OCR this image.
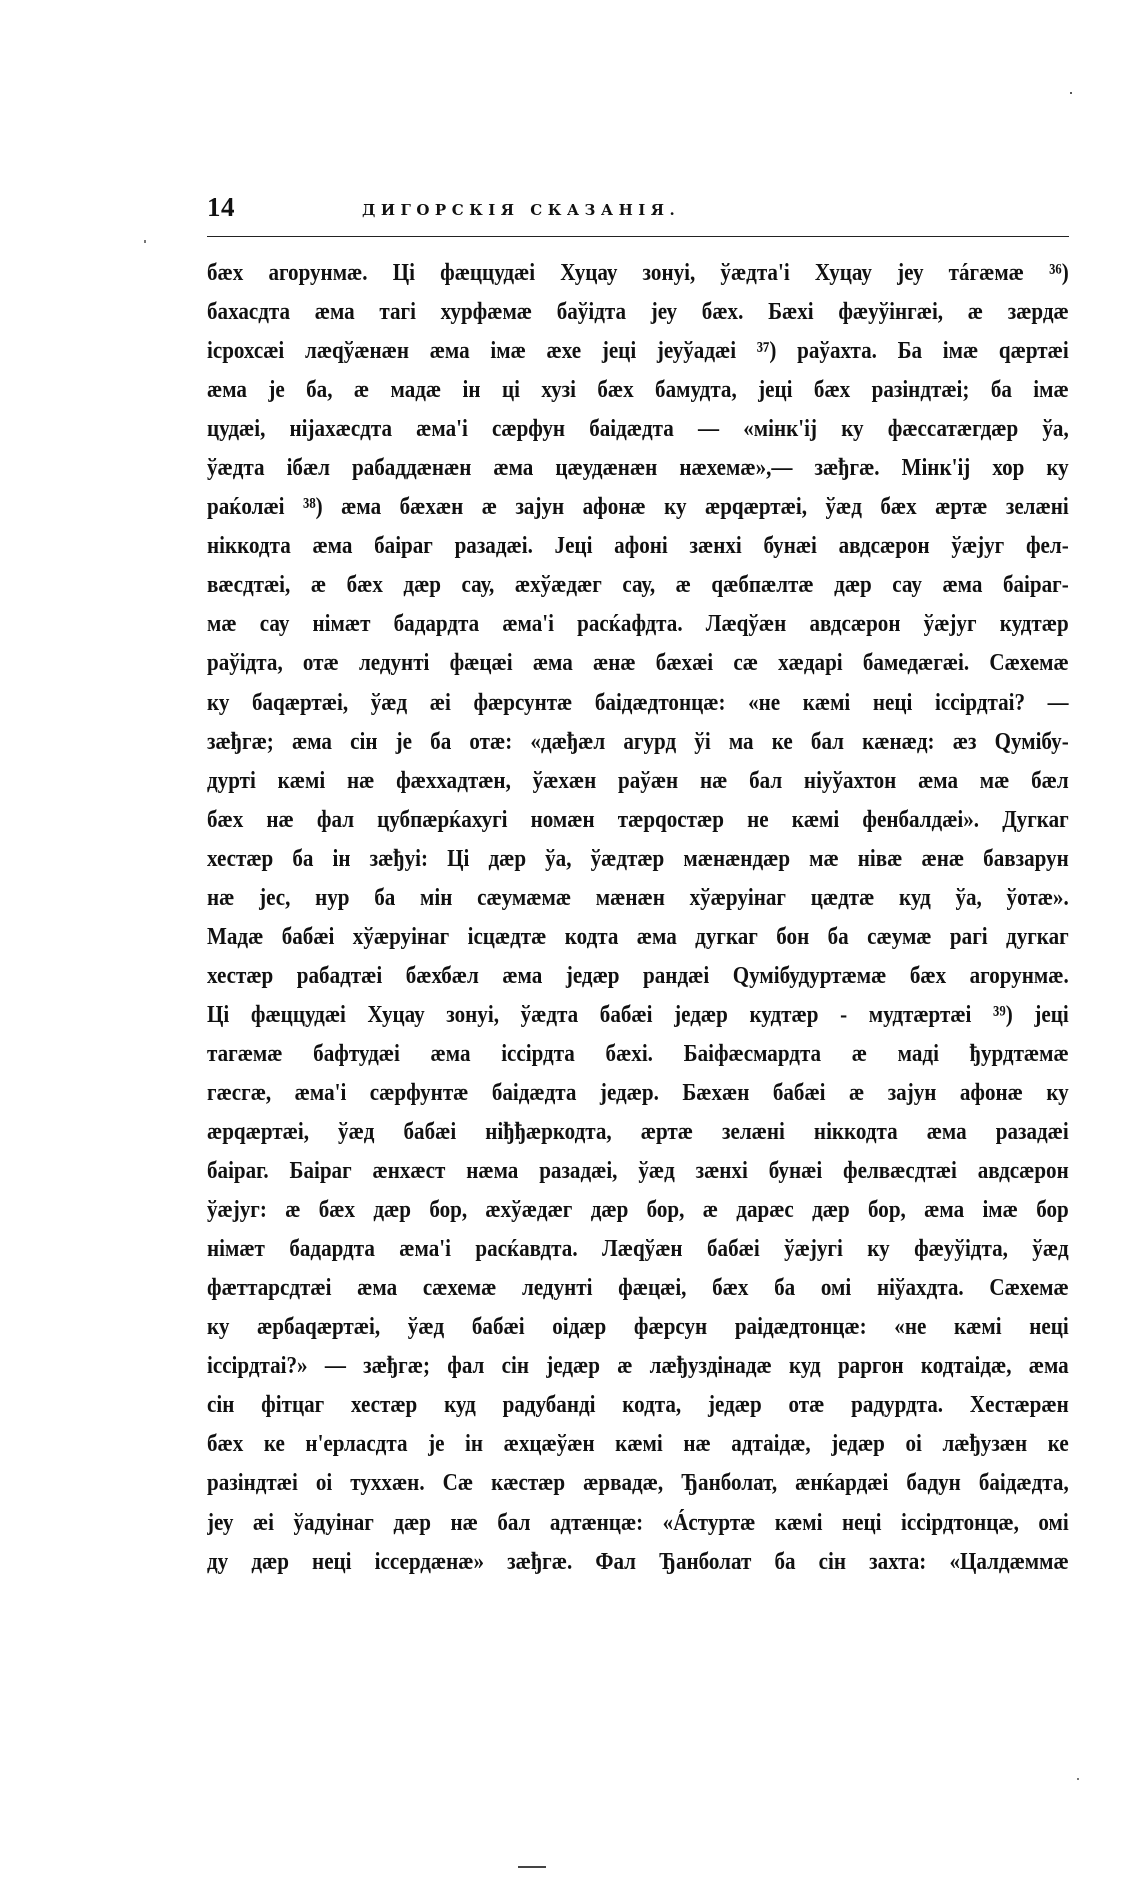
14	ДИГОРСКІЯ СКАЗАНІЯ.
бæх агорунмæ. Ці фæццудæі Хуцау зонуі, ўæдта'і Хуцау jеу тáгæмæ ³⁶)
бахасдта æма тагі хурфæмæ баўідта jеу бæх. Бæхі фæуўінгæі, æ зæрдæ
ісрохсæі лæqўæнæн æма імæ æхе jеці jеуўадæі ³⁷) раўахта. Ба імæ qæртæі
æма jе ба, æ мадæ ін ці хузі бæх бамудта, jеці бæх разіндтæі; ба імæ
цудæі, ніjахæсдта æма'і сæрфун баідæдта — «мінк'іj ку фæссатæгдæр ўа,
ўæдта ібæл рабаддæнæн æма цæудæнæн нæхемæ»,— зæђгæ. Мінк'іj хор ку
раќолæі ³⁸) æма бæхæн æ заjун афонæ ку æрqæртæі, ўæд бæх æртæ зелæні
ніккодта æма баіраг разадæі. Jеці афоні зæнхі бунæі авдсæрон ўæjуг фел-
вæсдтæі, æ бæх дæр сау, æхўæдæг сау, æ qæбпæлтæ дæр сау æма баіраг-
мæ сау німæт бадардта æма'і расќафдта. Лæqўæн авдсæрон ўæjуг кудтæр
раўідта, отæ ледунті фæцæі æма æнæ бæхæі сæ хæдарі бамедæгæі. Сæхемæ
ку баqæртæі, ўæд æі фæрсунтæ баідæдтонцæ: «не кæмі неці іссірдтаі? —
зæђгæ; æма сін jе ба отæ: «дæђæл агурд ўі ма ке бал кæнæд: æз Qумібу-
дурті кæмі нæ фæххадтæн, ўæхæн раўæн нæ бал ніуўахтон æма мæ бæл
бæх нæ фал цубпæрќахугі номæн тæрqостæр не кæмі фенбалдæі». Дугкаг
хестæр ба ін зæђуі: Ці дæр ўа, ўæдтæр мæнæндæр мæ нівæ æнæ бавзарун
нæ jес, нур ба мін сæумæмæ мæнæн хўæруінаг цæдтæ куд ўа, ўотæ».
Мадæ бабæі хўæруінаг ісцæдтæ кодта æма дугкаг бон ба сæумæ рагі дугкаг
хестæр рабадтæі бæхбæл æма jедæр рандæі Qумібудуртæмæ бæх агорунмæ.
Ці фæццудæі Хуцау зонуі, ўæдта бабæі jедæр кудтæр - мудтæртæі ³⁹) jеці
тагæмæ бафтудæі æма іссірдта бæхі. Баіфæсмардта æ маді ђурдтæмæ
гæсгæ, æма'і сæрфунтæ баідæдта jедæр. Бæхæн бабæі æ заjун афонæ ку
æрqæртæі, ўæд бабæі ніђђæркодта, æртæ зелæні ніккодта æма разадæі
баіраг. Баіраг æнхæст нæма разадæі, ўæд зæнхі бунæі фелвæсдтæі авдсæрон
ўæjуг: æ бæх дæр бор, æхўæдæг дæр бор, æ дарæс дæр бор, æма імæ бор
німæт бадардта æма'і расќавдта. Лæqўæн бабæі ўæjугі ку фæуўідта, ўæд
фæттарсдтæі æма сæхемæ ледунті фæцæі, бæх ба омі ніўахдта. Сæхемæ
ку æрбаqæртæі, ўæд бабæі оідæр фæрсун раідæдтонцæ: «не кæмі неці
іссірдтаі?» — зæђгæ; фал сін jедæр æ лæђуздінадæ куд раргон кодтаідæ, æма
сін фітцаг хестæр куд радубанді кодта, jедæр отæ радурдта. Хестæрæн
бæх ке н'ерласдта jе ін æхцæўæн кæмі нæ адтаідæ, jедæр оі лæђузæн ке
разіндтæі оі туххæн. Сæ кæстæр æрвадæ, Ђанболат, æнќардæі бадун баідæдта,
jеу æі ўадуінаг дæр нæ бал адтæнцæ: «Áстуртæ кæмі неці іссірдтонцæ, омі
ду дæр неці іссердæнæ» зæђгæ. Фал Ђанболат ба сін захта: «Цалдæммæ
